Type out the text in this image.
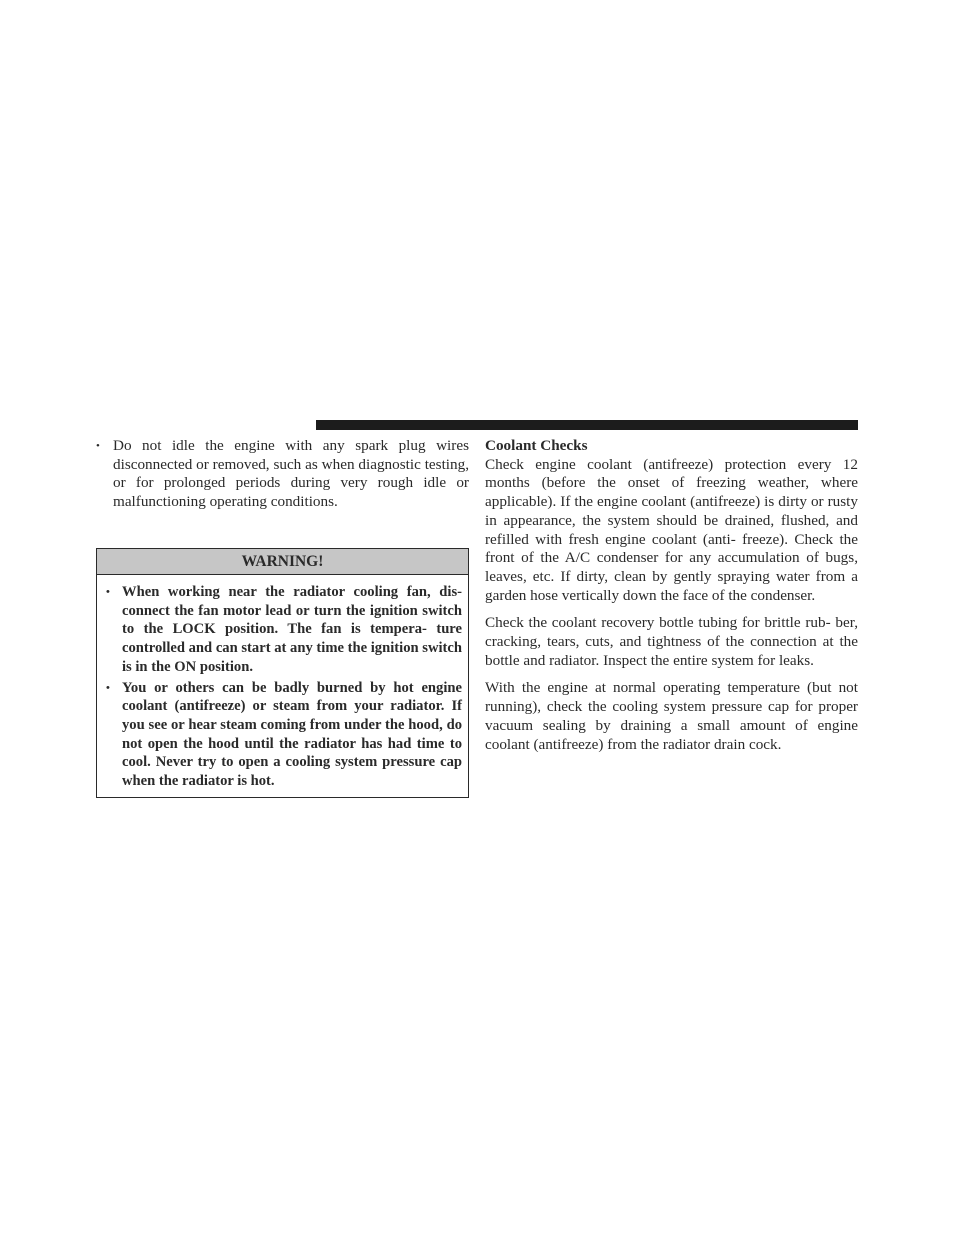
• Do not idle the engine with any spark plug wires disconnected or removed, such as when diagnostic testing, or for prolonged periods during very rough idle or malfunctioning operating conditions.
WARNING!
• When working near the radiator cooling fan, dis- connect the fan motor lead or turn the ignition switch to the LOCK position. The fan is tempera- ture controlled and can start at any time the ignition switch is in the ON position.
• You or others can be badly burned by hot engine coolant (antifreeze) or steam from your radiator. If you see or hear steam coming from under the hood, do not open the hood until the radiator has had time to cool. Never try to open a cooling system pressure cap when the radiator is hot.
Coolant Checks

Check engine coolant (antifreeze) protection every 12 months (before the onset of freezing weather, where applicable). If the engine coolant (antifreeze) is dirty or rusty in appearance, the system should be drained, flushed, and refilled with fresh engine coolant (anti- freeze). Check the front of the A/C condenser for any accumulation of bugs, leaves, etc. If dirty, clean by gently spraying water from a garden hose vertically down the face of the condenser.

Check the coolant recovery bottle tubing for brittle rub- ber, cracking, tears, cuts, and tightness of the connection at the bottle and radiator. Inspect the entire system for leaks.

With the engine at normal operating temperature (but not running), check the cooling system pressure cap for proper vacuum sealing by draining a small amount of engine coolant (antifreeze) from the radiator drain cock.
